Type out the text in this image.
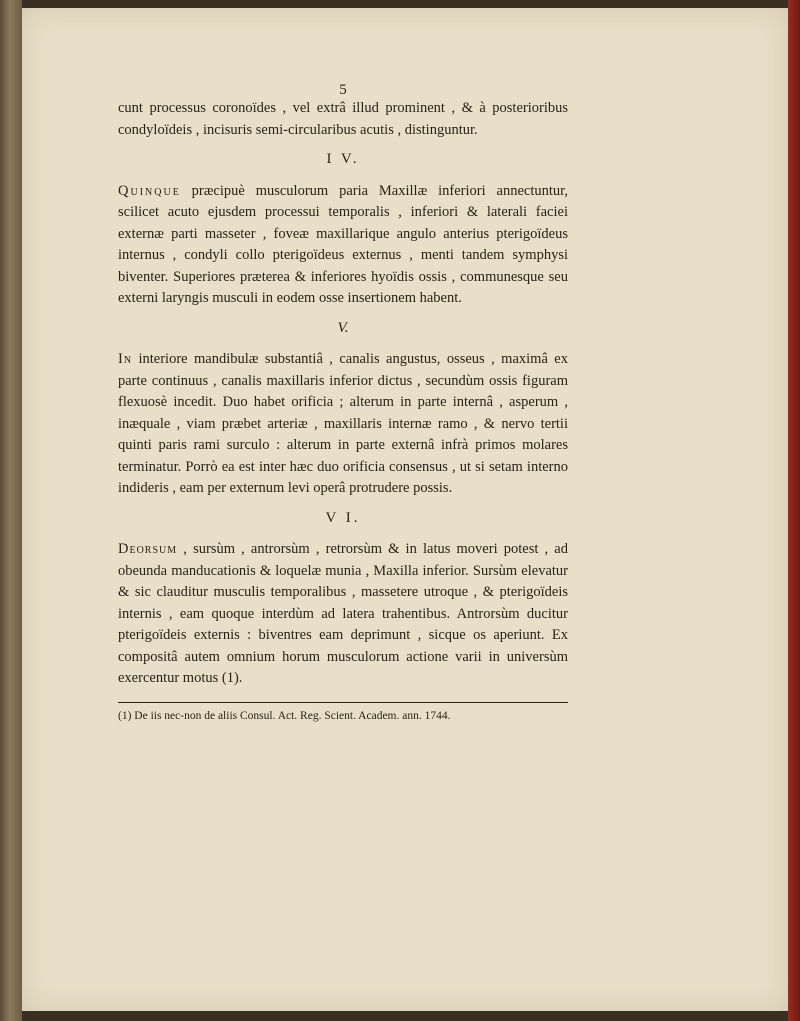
5

cunt processus coronoïdes , vel extrâ illud prominent , & à posterioribus condyloïdeis , incisuris semi-circularibus acutis , distinguntur.

I V.

Quinque præcipuè musculorum paria Maxillæ inferiori annectuntur, scilicet acuto ejusdem processui temporalis , inferiori & laterali faciei externæ parti masseter , foveæ maxillarique angulo anterius pterigoïdeus internus , condyli collo pterigoïdeus externus , menti tandem symphysi biventer. Superiores præterea & inferiores hyoïdis ossis , communesque seu externi laryngis musculi in eodem osse insertionem habent.

V.

In interiore mandibulæ substantiâ , canalis angustus, osseus , maximâ ex parte continuus , canalis maxillaris inferior dictus , secundùm ossis figuram flexuosè incedit. Duo habet orificia ; alterum in parte internâ , asperum , inæquale , viam præbet arteriæ , maxillaris internæ ramo , & nervo tertii quinti paris rami surculo : alterum in parte externâ infrà primos molares terminatur. Porrò ea est inter hæc duo orificia consensus , ut si setam interno indideris , eam per externum levi operâ protrudere possis.

V I.

Deorsum , sursùm , antrorsùm , retrorsùm & in latus moveri potest , ad obeunda manducationis & loquelæ munia , Maxilla inferior. Sursùm elevatur & sic clauditur musculis temporalibus , massetere utroque , & pterigoïdeis internis , eam quoque interdùm ad latera trahentibus. Antrorsùm ducitur pterigoïdeis externis : biventres eam deprimunt , sicque os aperiunt. Ex compositâ autem omnium horum musculorum actione varii in universùm exercentur motus (1).

(1) De iis nec-non de aliis Consul. Act. Reg. Scient. Academ. ann. 1744.
